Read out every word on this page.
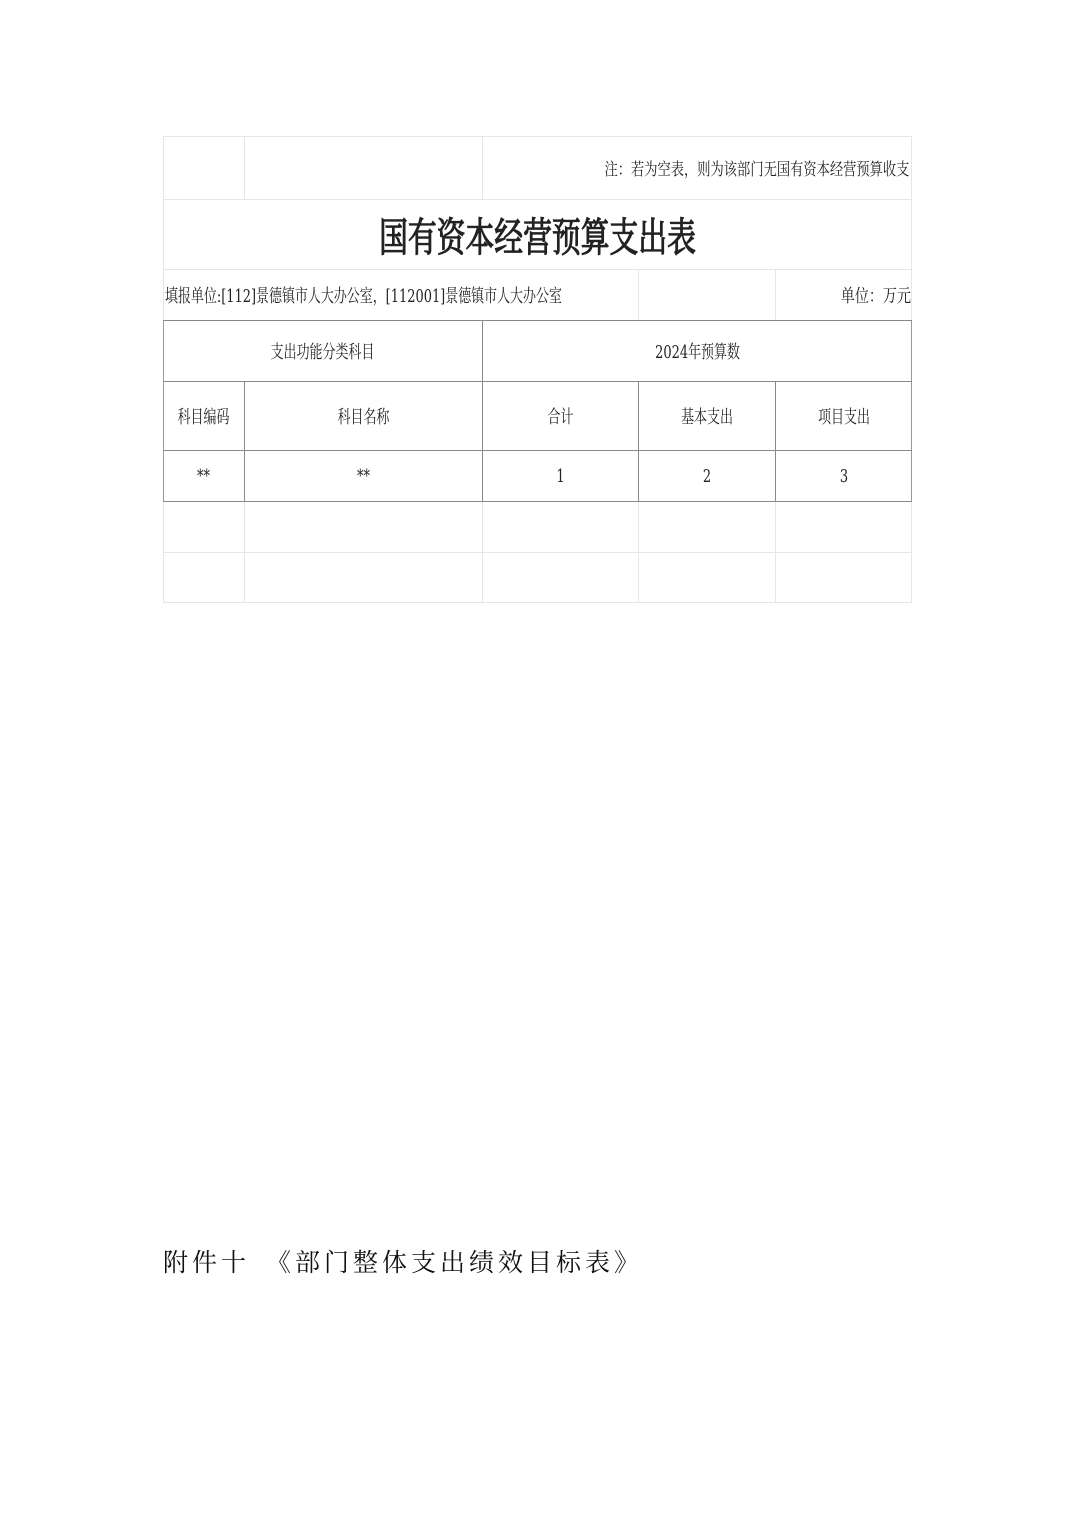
注：若为空表，则为该部门无国有资本经营预算收支
国有资本经营预算支出表
填报单位:[112]景德镇市人大办公室，[112001]景德镇市人大办公室	单位：万元
支出功能分类科目	2024年预算数
科目编码	科目名称	合计	基本支出	项目支出
**	**	1	2	3
附件十 《部门整体支出绩效目标表》
